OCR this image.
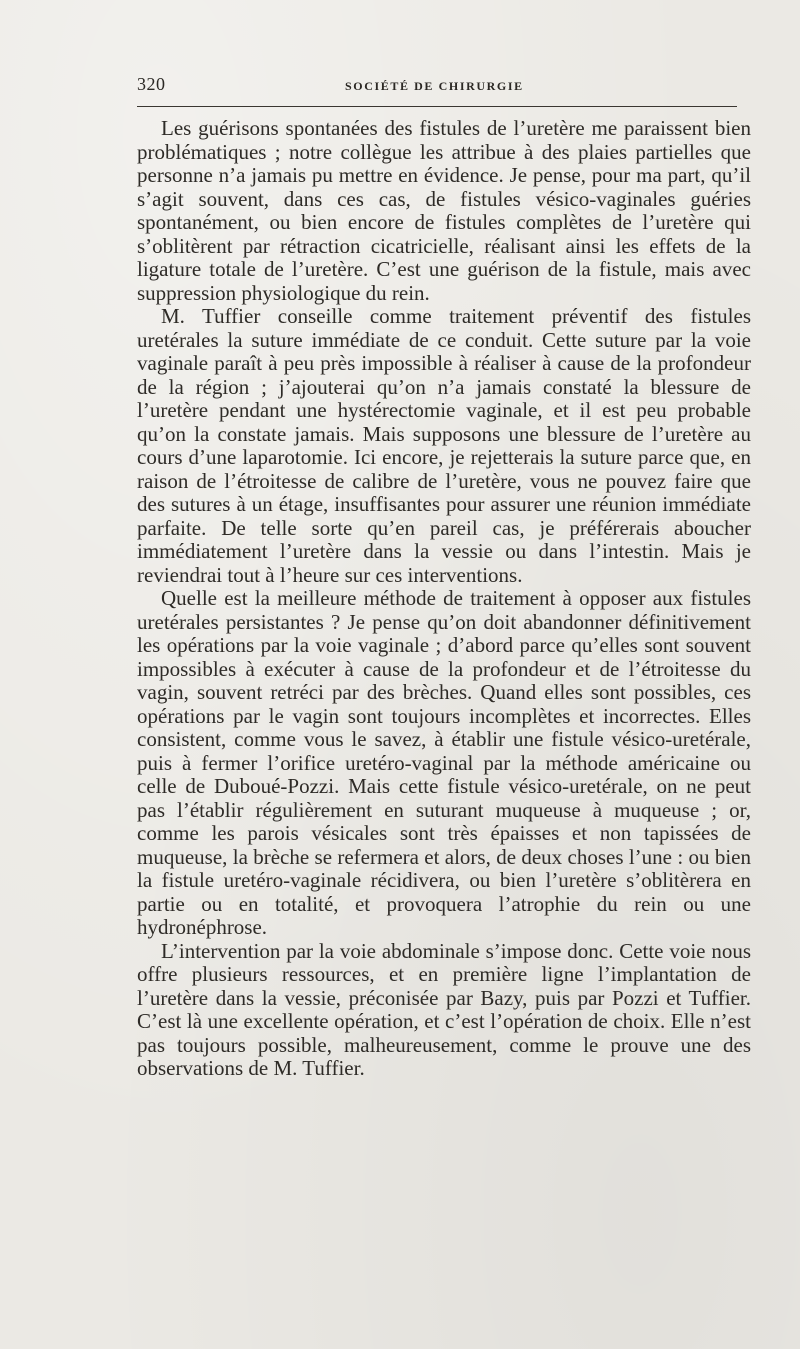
320	SOCIÉTÉ DE CHIRURGIE

Les guérisons spontanées des fistules de l’uretère me paraissent bien problématiques ; notre collègue les attribue à des plaies partielles que personne n’a jamais pu mettre en évidence. Je pense, pour ma part, qu’il s’agit souvent, dans ces cas, de fistules vésico-vaginales guéries spontanément, ou bien encore de fistules complètes de l’uretère qui s’oblitèrent par rétraction cicatricielle, réalisant ainsi les effets de la ligature totale de l’uretère. C’est une guérison de la fistule, mais avec suppression physiologique du rein.

M. Tuffier conseille comme traitement préventif des fistules uretérales la suture immédiate de ce conduit. Cette suture par la voie vaginale paraît à peu près impossible à réaliser à cause de la profondeur de la région ; j’ajouterai qu’on n’a jamais constaté la blessure de l’uretère pendant une hystérectomie vaginale, et il est peu probable qu’on la constate jamais. Mais supposons une blessure de l’uretère au cours d’une laparotomie. Ici encore, je rejetterais la suture parce que, en raison de l’étroitesse de calibre de l’uretère, vous ne pouvez faire que des sutures à un étage, insuffisantes pour assurer une réunion immédiate parfaite. De telle sorte qu’en pareil cas, je préférerais aboucher immédiatement l’uretère dans la vessie ou dans l’intestin. Mais je reviendrai tout à l’heure sur ces interventions.

Quelle est la meilleure méthode de traitement à opposer aux fistules uretérales persistantes ? Je pense qu’on doit abandonner définitivement les opérations par la voie vaginale ; d’abord parce qu’elles sont souvent impossibles à exécuter à cause de la profondeur et de l’étroitesse du vagin, souvent retréci par des brèches. Quand elles sont possibles, ces opérations par le vagin sont toujours incomplètes et incorrectes. Elles consistent, comme vous le savez, à établir une fistule vésico-uretérale, puis à fermer l’orifice uretéro-vaginal par la méthode américaine ou celle de Duboué-Pozzi. Mais cette fistule vésico-uretérale, on ne peut pas l’établir régulièrement en suturant muqueuse à muqueuse ; or, comme les parois vésicales sont très épaisses et non tapissées de muqueuse, la brèche se refermera et alors, de deux choses l’une : ou bien la fistule uretéro-vaginale récidivera, ou bien l’uretère s’oblitèrera en partie ou en totalité, et provoquera l’atrophie du rein ou une hydronéphrose.

L’intervention par la voie abdominale s’impose donc. Cette voie nous offre plusieurs ressources, et en première ligne l’implantation de l’uretère dans la vessie, préconisée par Bazy, puis par Pozzi et Tuffier. C’est là une excellente opération, et c’est l’opération de choix. Elle n’est pas toujours possible, malheureusement, comme le prouve une des observations de M. Tuffier.
